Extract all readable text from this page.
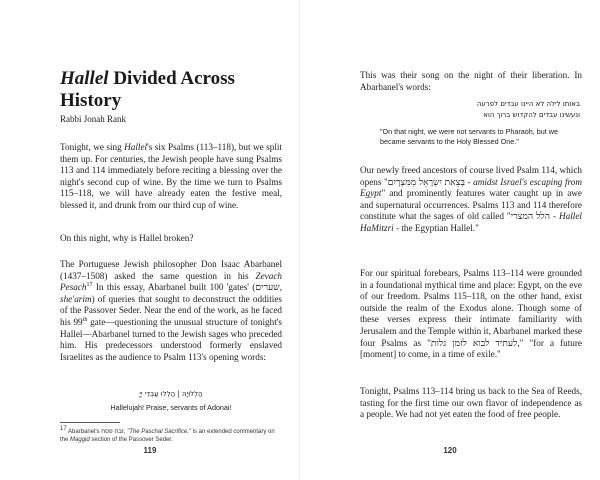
Hallel Divided Across History
Rabbi Jonah Rank

Tonight, we sing Hallel's six Psalms (113–118), but we split them up. For centuries, the Jewish people have sung Psalms 113 and 114 immediately before reciting a blessing over the night's second cup of wine. By the time we turn to Psalms 115–118, we will have already eaten the festive meal, blessed it, and drunk from our third cup of wine.

On this night, why is Hallel broken?

The Portuguese Jewish philosopher Don Isaac Abarbanel (1437–1508) asked the same question in his Zevach Pesach$^{17}$ In this essay, Abarbanel built 100 'gates' (שערים, she'arim) of queries that sought to deconstruct the oddities of the Passover Seder. Near the end of the work, as he faced his 99th gate—questioning the unusual structure of tonight's Hallel—Abarbanel turned to the Jewish sages who preceded him. His predecessors understood formerly enslaved Israelites as the audience to Psalm 113's opening words:

הַלְלוּיָהּ | הַלְלוּ עַבְדֵי יְיָ

Hallelujah! Praise, servants of Adonai!

17 Abarbanel's זבח פסח, "The Paschal Sacrifice," is an extended commentary on the Maggid section of the Passover Seder.

119

This was their song on the night of their liberation. In Abarbanel's words:

באותו לילה לא היינו עבדים לפרעה

ונעשינו עבדים להקדוש ברוך הוא

"On that night, we were not servants to Pharaoh, but we became servants to the Holy Blessed One."

Our newly freed ancestors of course lived Psalm 114, which opens "בְּצֵאת יִשְׂרָאֵל מִמִּצְרָיִם - amidst Israel's escaping from Egypt" and prominently features water caught up in awe and supernatural occurrences. Psalms 113 and 114 therefore constitute what the sages of old called "הלל המצרי - Hallel HaMitzri - the Egyptian Hallel."

For our spiritual forebears, Psalms 113–114 were grounded in a foundational mythical time and place: Egypt, on the eve of our freedom. Psalms 115–118, on the other hand, exist outside the realm of the Exodus alone. Though some of these verses express their intimate familiarity with Jerusalem and the Temple within it, Abarbanel marked these four Psalms as "לעתיד לבוא לזמן גלות," "for a future [moment] to come, in a time of exile."

Tonight, Psalms 113–114 bring us back to the Sea of Reeds, tasting for the first time our own flavor of independence as a people. We had not yet eaten the food of free people.

120
